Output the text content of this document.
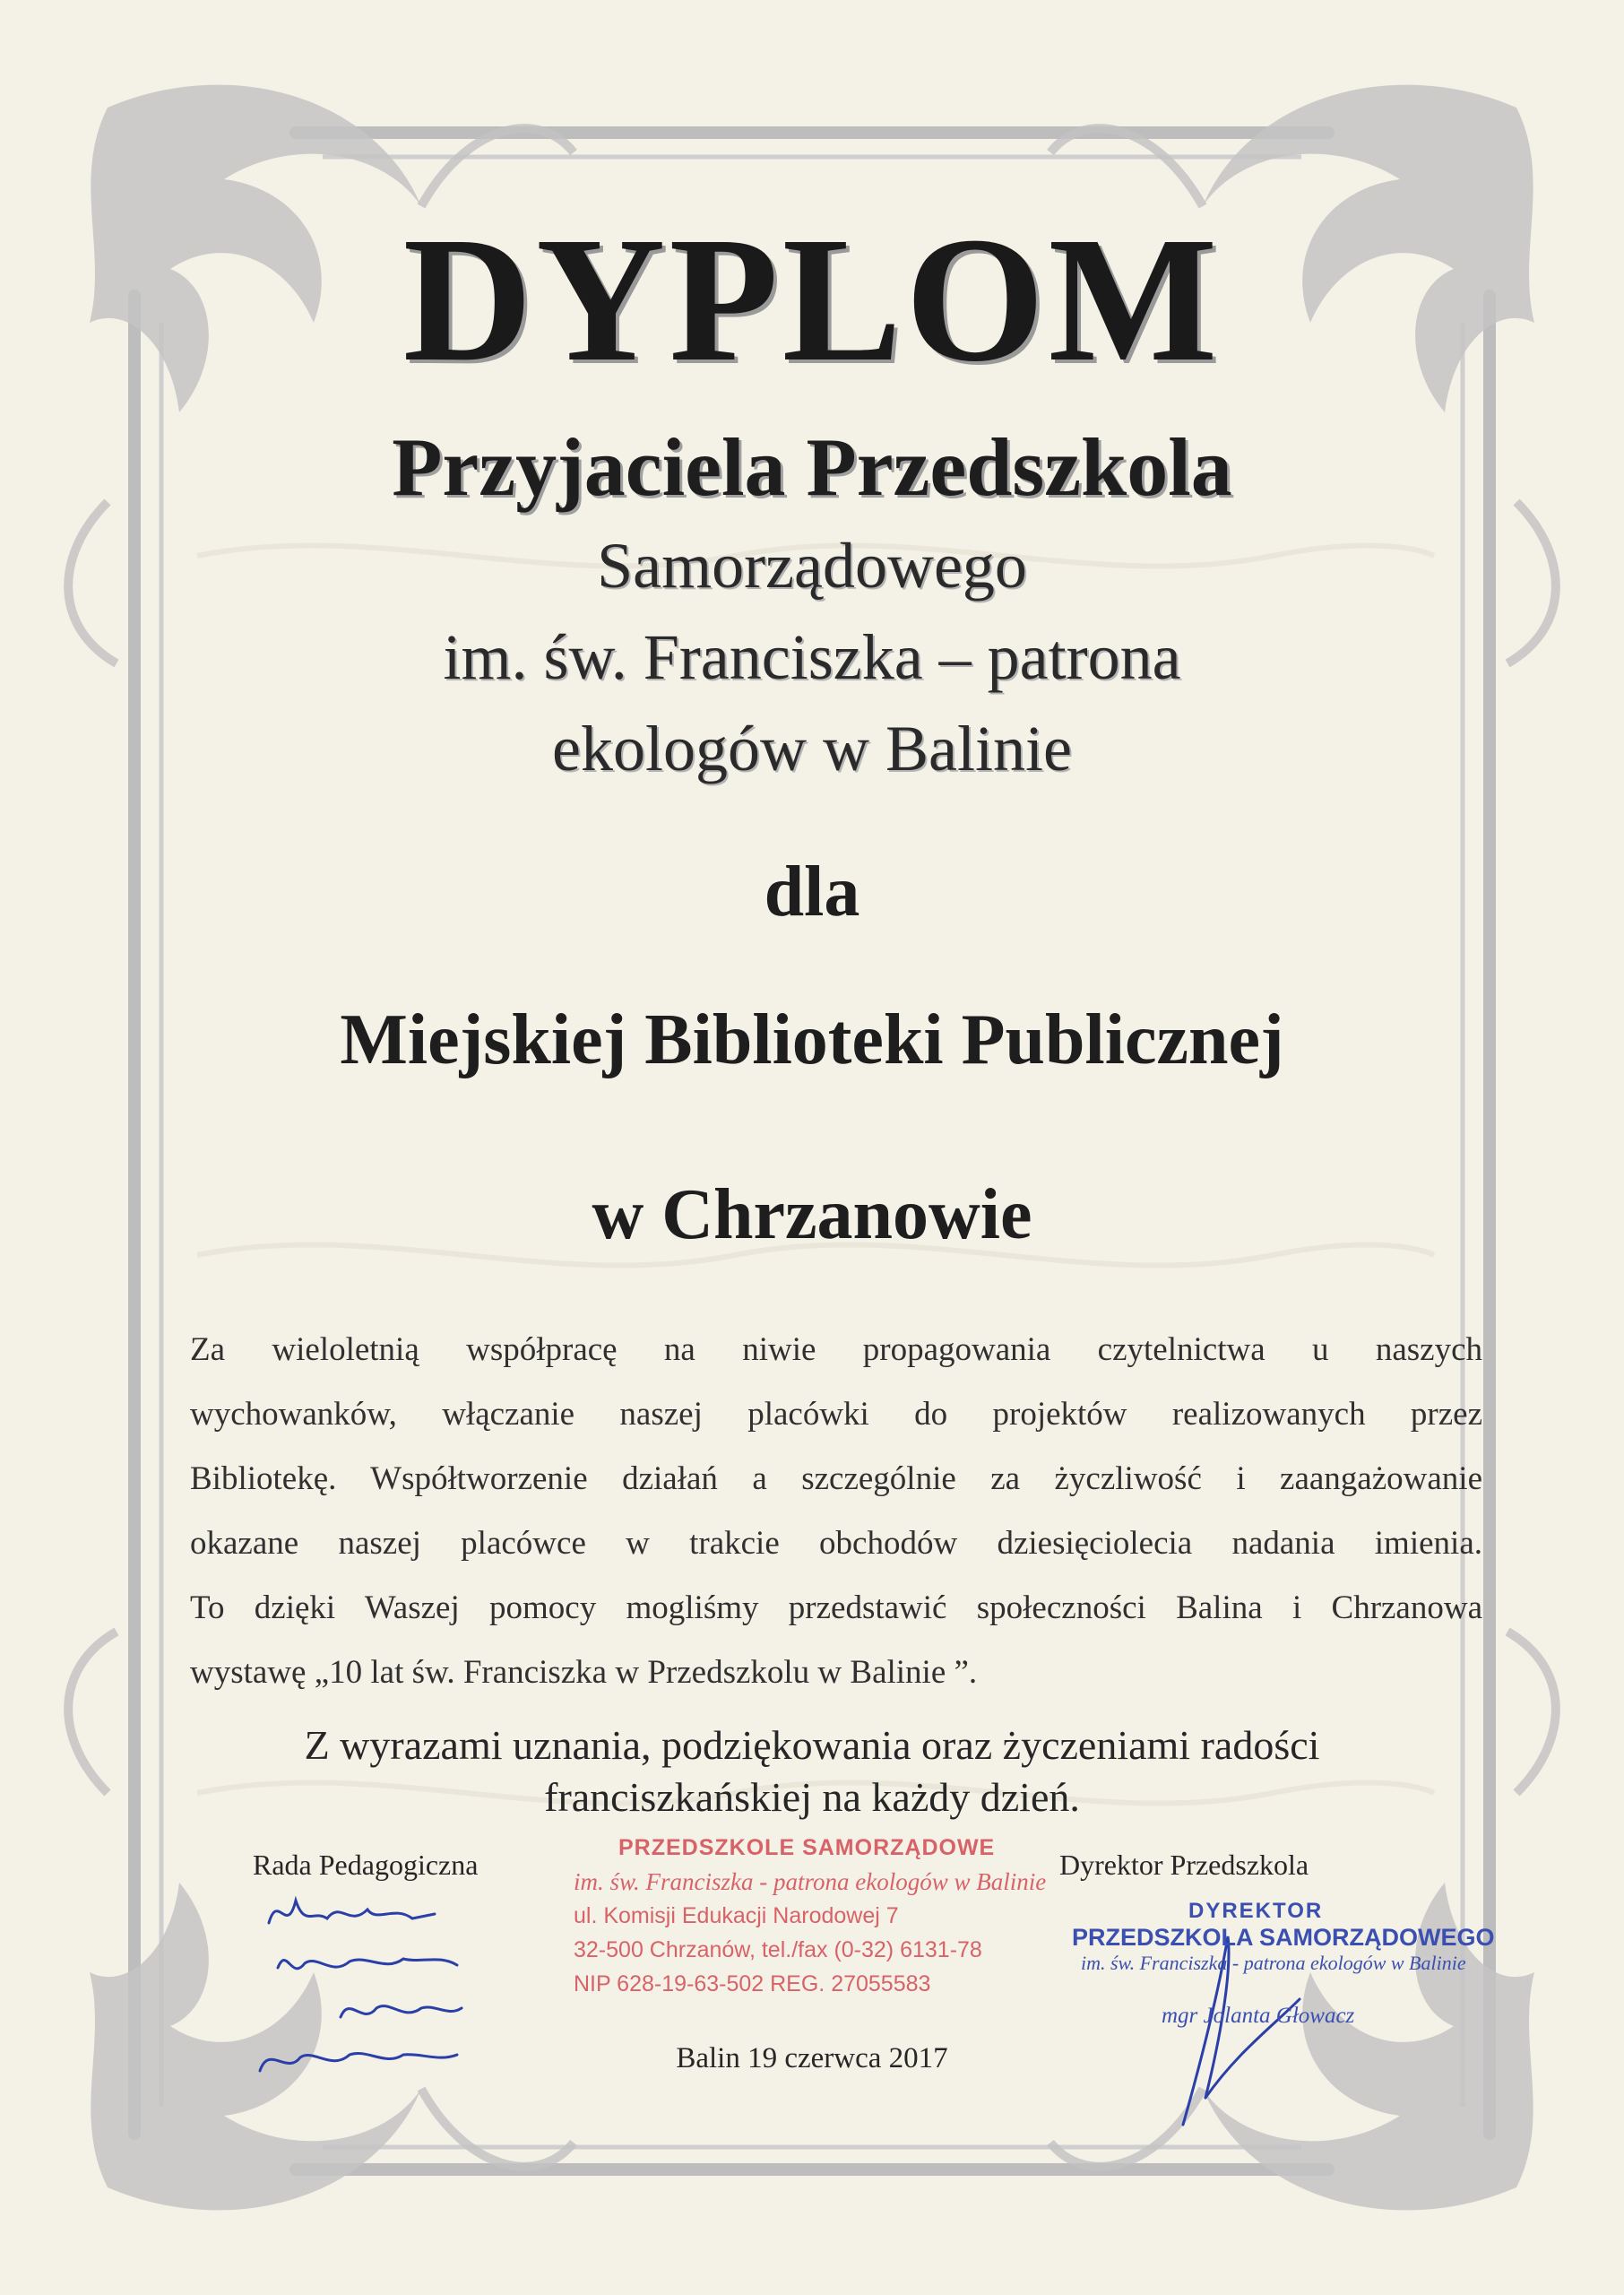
DYPLOM
Przyjaciela Przedszkola
Samorządowego
im. św. Franciszka – patrona
ekologów w Balinie
dla
Miejskiej Biblioteki Publicznej
w Chrzanowie
Za wieloletnią współpracę na niwie propagowania czytelnictwa u naszych
wychowanków, włączanie naszej placówki do projektów realizowanych przez
Bibliotekę. Współtworzenie działań a szczególnie za życzliwość i zaangażowanie
okazane naszej placówce w trakcie obchodów dziesięciolecia nadania imienia.
To dzięki Waszej pomocy mogliśmy przedstawić społeczności Balina i Chrzanowa
wystawę „10 lat św. Franciszka w Przedszkolu w Balinie ”.
Z wyrazami uznania, podziękowania oraz życzeniami radości
franciszkańskiej na każdy dzień.
Rada Pedagogiczna	Dyrektor Przedszkola
PRZEDSZKOLE SAMORZĄDOWE
im. św. Franciszka - patrona ekologów w Balinie
ul. Komisji Edukacji Narodowej 7
32-500 Chrzanów, tel./fax (0-32) 6131-78
NIP 628-19-63-502 REG. 27055583
DYREKTOR
PRZEDSZKOLA SAMORZĄDOWEGO
im. św. Franciszka - patrona ekologów w Balinie
mgr Jolanta Głowacz
Balin 19 czerwca 2017
